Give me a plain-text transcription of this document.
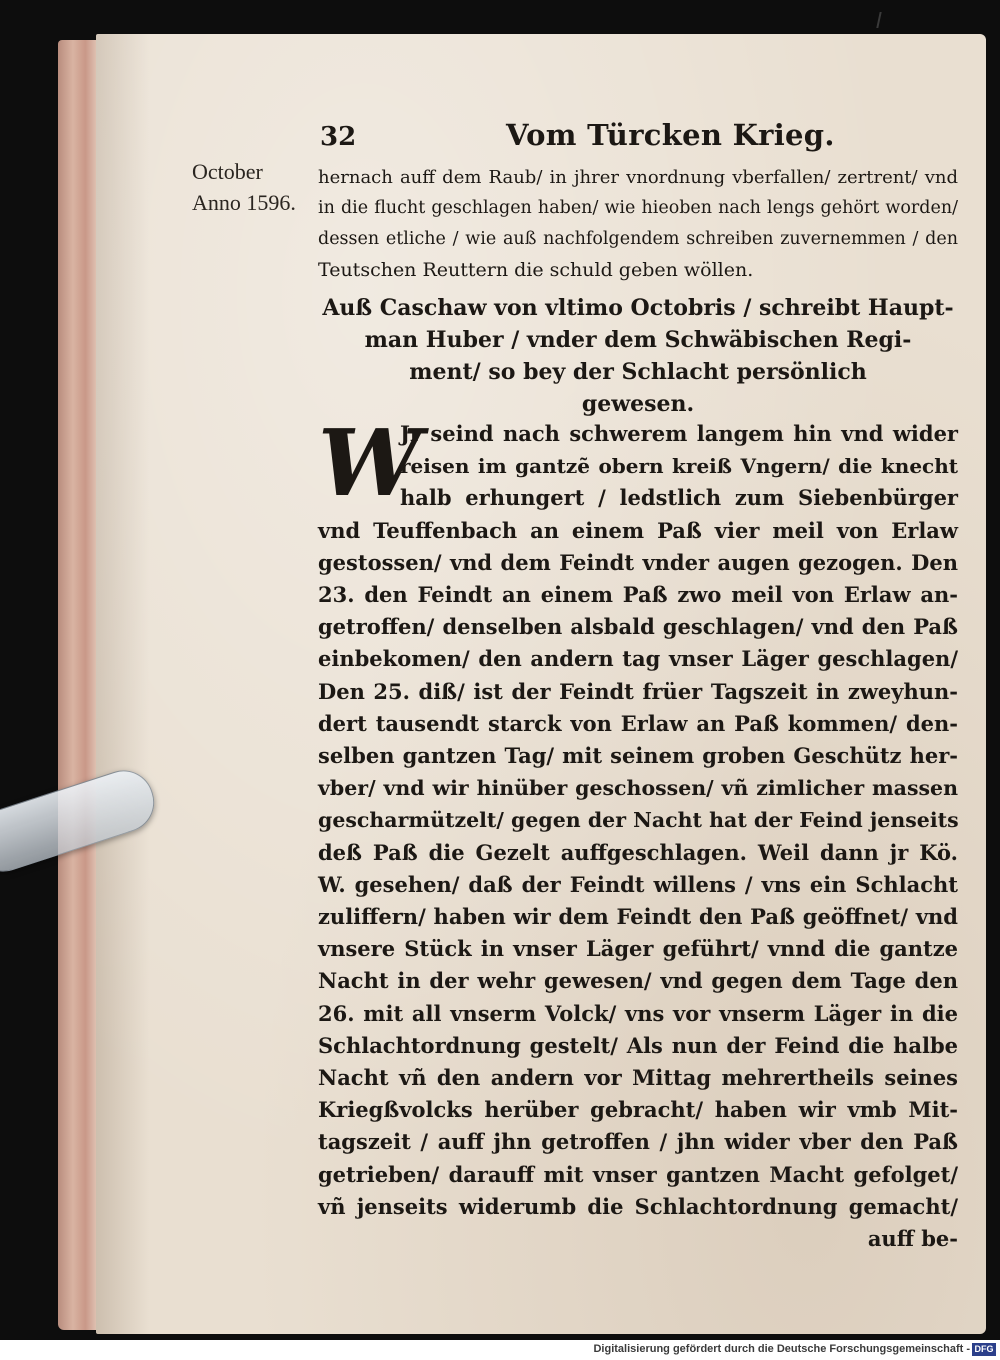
32	Vom Türcken Krieg.
October
Anno 1596.
hernach auff dem Raub/ in jhrer vnordnung vberfallen/ zertrent/ vnd
in die flucht geschlagen haben/ wie hieoben nach lengs gehört worden/
dessen etliche / wie auß nachfolgendem schreiben zuvernemmen / den
Teutschen Reuttern die schuld geben wöllen.
Auß Caschaw von vltimo Octobris / schreibt Haupt-
man Huber / vnder dem Schwäbischen Regi-
ment/ so bey der Schlacht persönlich
gewesen.
W
Jr seind nach schwerem langem hin vnd wider
reisen im gantzẽ obern kreiß Vngern/ die knecht
halb erhungert / ledstlich zum Siebenbürger
vnd Teuffenbach an einem Paß vier meil von Erlaw
gestossen/ vnd dem Feindt vnder augen gezogen. Den
23. den Feindt an einem Paß zwo meil von Erlaw an-
getroffen/ denselben alsbald geschlagen/ vnd den Paß
einbekomen/ den andern tag vnser Läger geschlagen/
Den 25. diß/ ist der Feindt früer Tagszeit in zweyhun-
dert tausendt starck von Erlaw an Paß kommen/ den-
selben gantzen Tag/ mit seinem groben Geschütz her-
vber/ vnd wir hinüber geschossen/ vñ zimlicher massen
gescharmützelt/ gegen der Nacht hat der Feind jenseits
deß Paß die Gezelt auffgeschlagen. Weil dann jr Kö.
W. gesehen/ daß der Feindt willens / vns ein Schlacht
zuliffern/ haben wir dem Feindt den Paß geöffnet/ vnd
vnsere Stück in vnser Läger geführt/ vnnd die gantze
Nacht in der wehr gewesen/ vnd gegen dem Tage den
26. mit all vnserm Volck/ vns vor vnserm Läger in die
Schlachtordnung gestelt/ Als nun der Feind die halbe
Nacht vñ den andern vor Mittag mehrertheils seines
Kriegßvolcks herüber gebracht/ haben wir vmb Mit-
tagszeit / auff jhn getroffen / jhn wider vber den Paß
getrieben/ darauff mit vnser gantzen Macht gefolget/
vñ jenseits widerumb die Schlachtordnung gemacht/
auff be-
Digitalisierung gefördert durch die Deutsche Forschungsgemeinschaft - DFG
